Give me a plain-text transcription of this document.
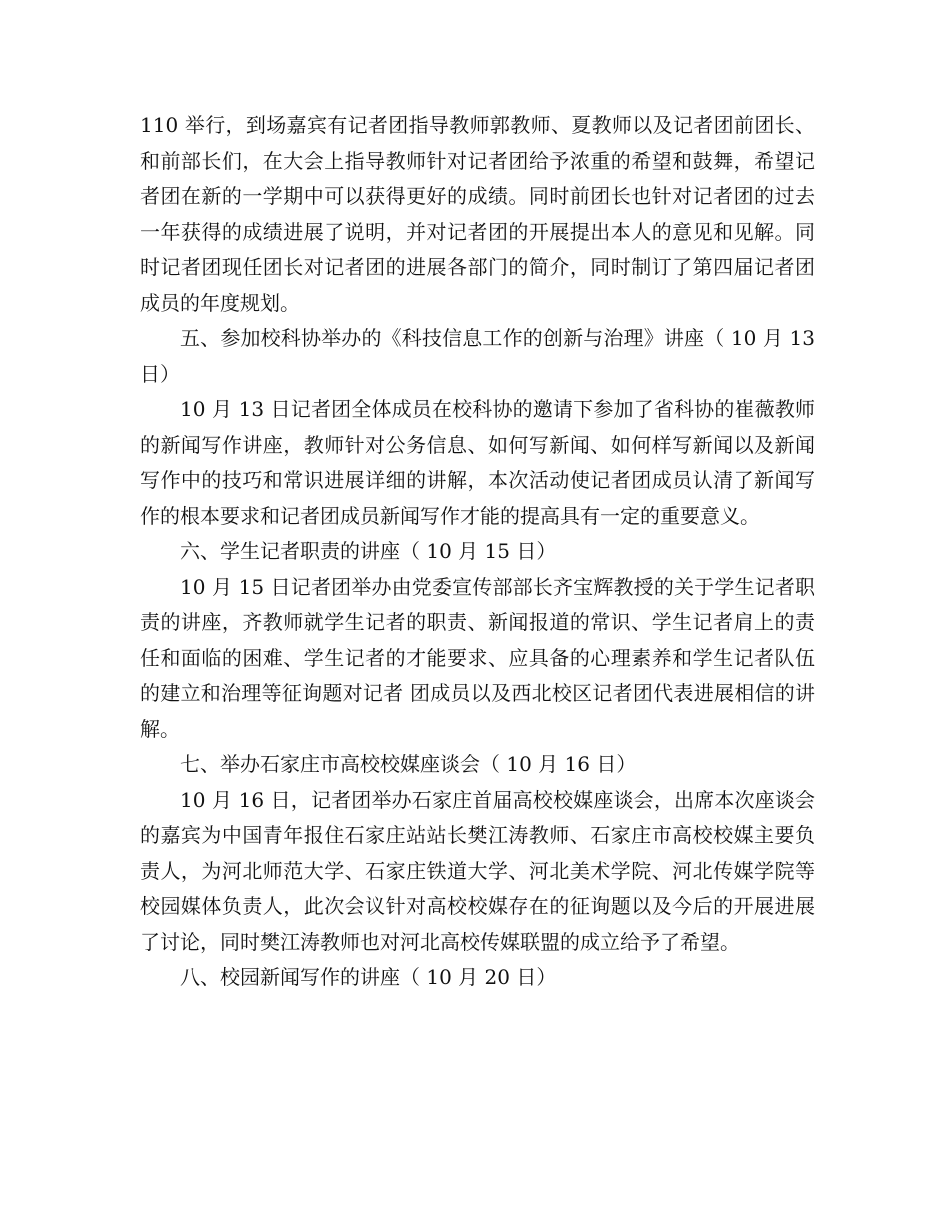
110 举行，到场嘉宾有记者团指导教师郭教师、夏教师以及记者团前团长、和前部长们，在大会上指导教师针对记者团给予浓重的希望和鼓舞，希望记者团在新的一学期中可以获得更好的成绩。同时前团长也针对记者团的过去一年获得的成绩进展了说明，并对记者团的开展提出本人的意见和见解。同时记者团现任团长对记者团的进展各部门的简介，同时制订了第四届记者团成员的年度规划。

五、参加校科协举办的《科技信息工作的创新与治理》讲座（ 10 月 13 日）

10 月 13 日记者团全体成员在校科协的邀请下参加了省科协的崔薇教师的新闻写作讲座，教师针对公务信息、如何写新闻、如何样写新闻以及新闻写作中的技巧和常识进展详细的讲解，本次活动使记者团成员认清了新闻写作的根本要求和记者团成员新闻写作才能的提高具有一定的重要意义。

六、学生记者职责的讲座（ 10 月 15 日）

10 月 15 日记者团举办由党委宣传部部长齐宝辉教授的关于学生记者职责的讲座，齐教师就学生记者的职责、新闻报道的常识、学生记者肩上的责任和面临的困难、学生记者的才能要求、应具备的心理素养和学生记者队伍的建立和治理等征询题对记者 团成员以及西北校区记者团代表进展相信的讲解。

七、举办石家庄市高校校媒座谈会（ 10 月 16 日）

10 月 16 日，记者团举办石家庄首届高校校媒座谈会，出席本次座谈会的嘉宾为中国青年报住石家庄站站长樊江涛教师、石家庄市高校校媒主要负责人，为河北师范大学、石家庄铁道大学、河北美术学院、河北传媒学院等校园媒体负责人，此次会议针对高校校媒存在的征询题以及今后的开展进展了讨论，同时樊江涛教师也对河北高校传媒联盟的成立给予了希望。

八、校园新闻写作的讲座（ 10 月 20 日）
